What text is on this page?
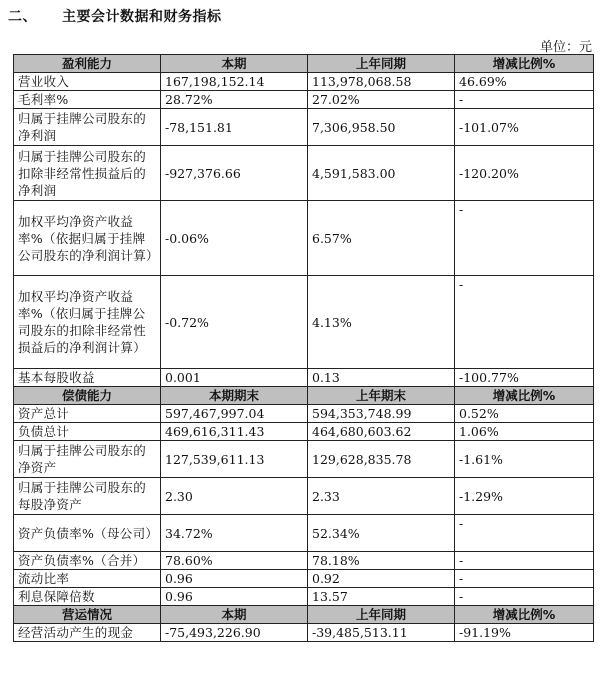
二、 主要会计数据和财务指标
单位：元
盈利能力	本期	上年同期	增减比例%
营业收入	167,198,152.14	113,978,068.58	46.69%
毛利率%	28.72%	27.02%	-
归属于挂牌公司股东的净利润	-78,151.81	7,306,958.50	-101.07%
归属于挂牌公司股东的扣除非经常性损益后的净利润	-927,376.66	4,591,583.00	-120.20%
加权平均净资产收益率%（依据归属于挂牌公司股东的净利润计算）	-0.06%	6.57%	-
加权平均净资产收益率%（依归属于挂牌公司股东的扣除非经常性损益后的净利润计算）	-0.72%	4.13%	-
基本每股收益	0.001	0.13	-100.77%
偿债能力	本期期末	上年期末	增减比例%
资产总计	597,467,997.04	594,353,748.99	0.52%
负债总计	469,616,311.43	464,680,603.62	1.06%
归属于挂牌公司股东的净资产	127,539,611.13	129,628,835.78	-1.61%
归属于挂牌公司股东的每股净资产	2.30	2.33	-1.29%
资产负债率%（母公司）	34.72%	52.34%	-
资产负债率%（合并）	78.60%	78.18%	-
流动比率	0.96	0.92	-
利息保障倍数	0.96	13.57	-
营运情况	本期	上年同期	增减比例%
经营活动产生的现金	-75,493,226.90	-39,485,513.11	-91.19%
